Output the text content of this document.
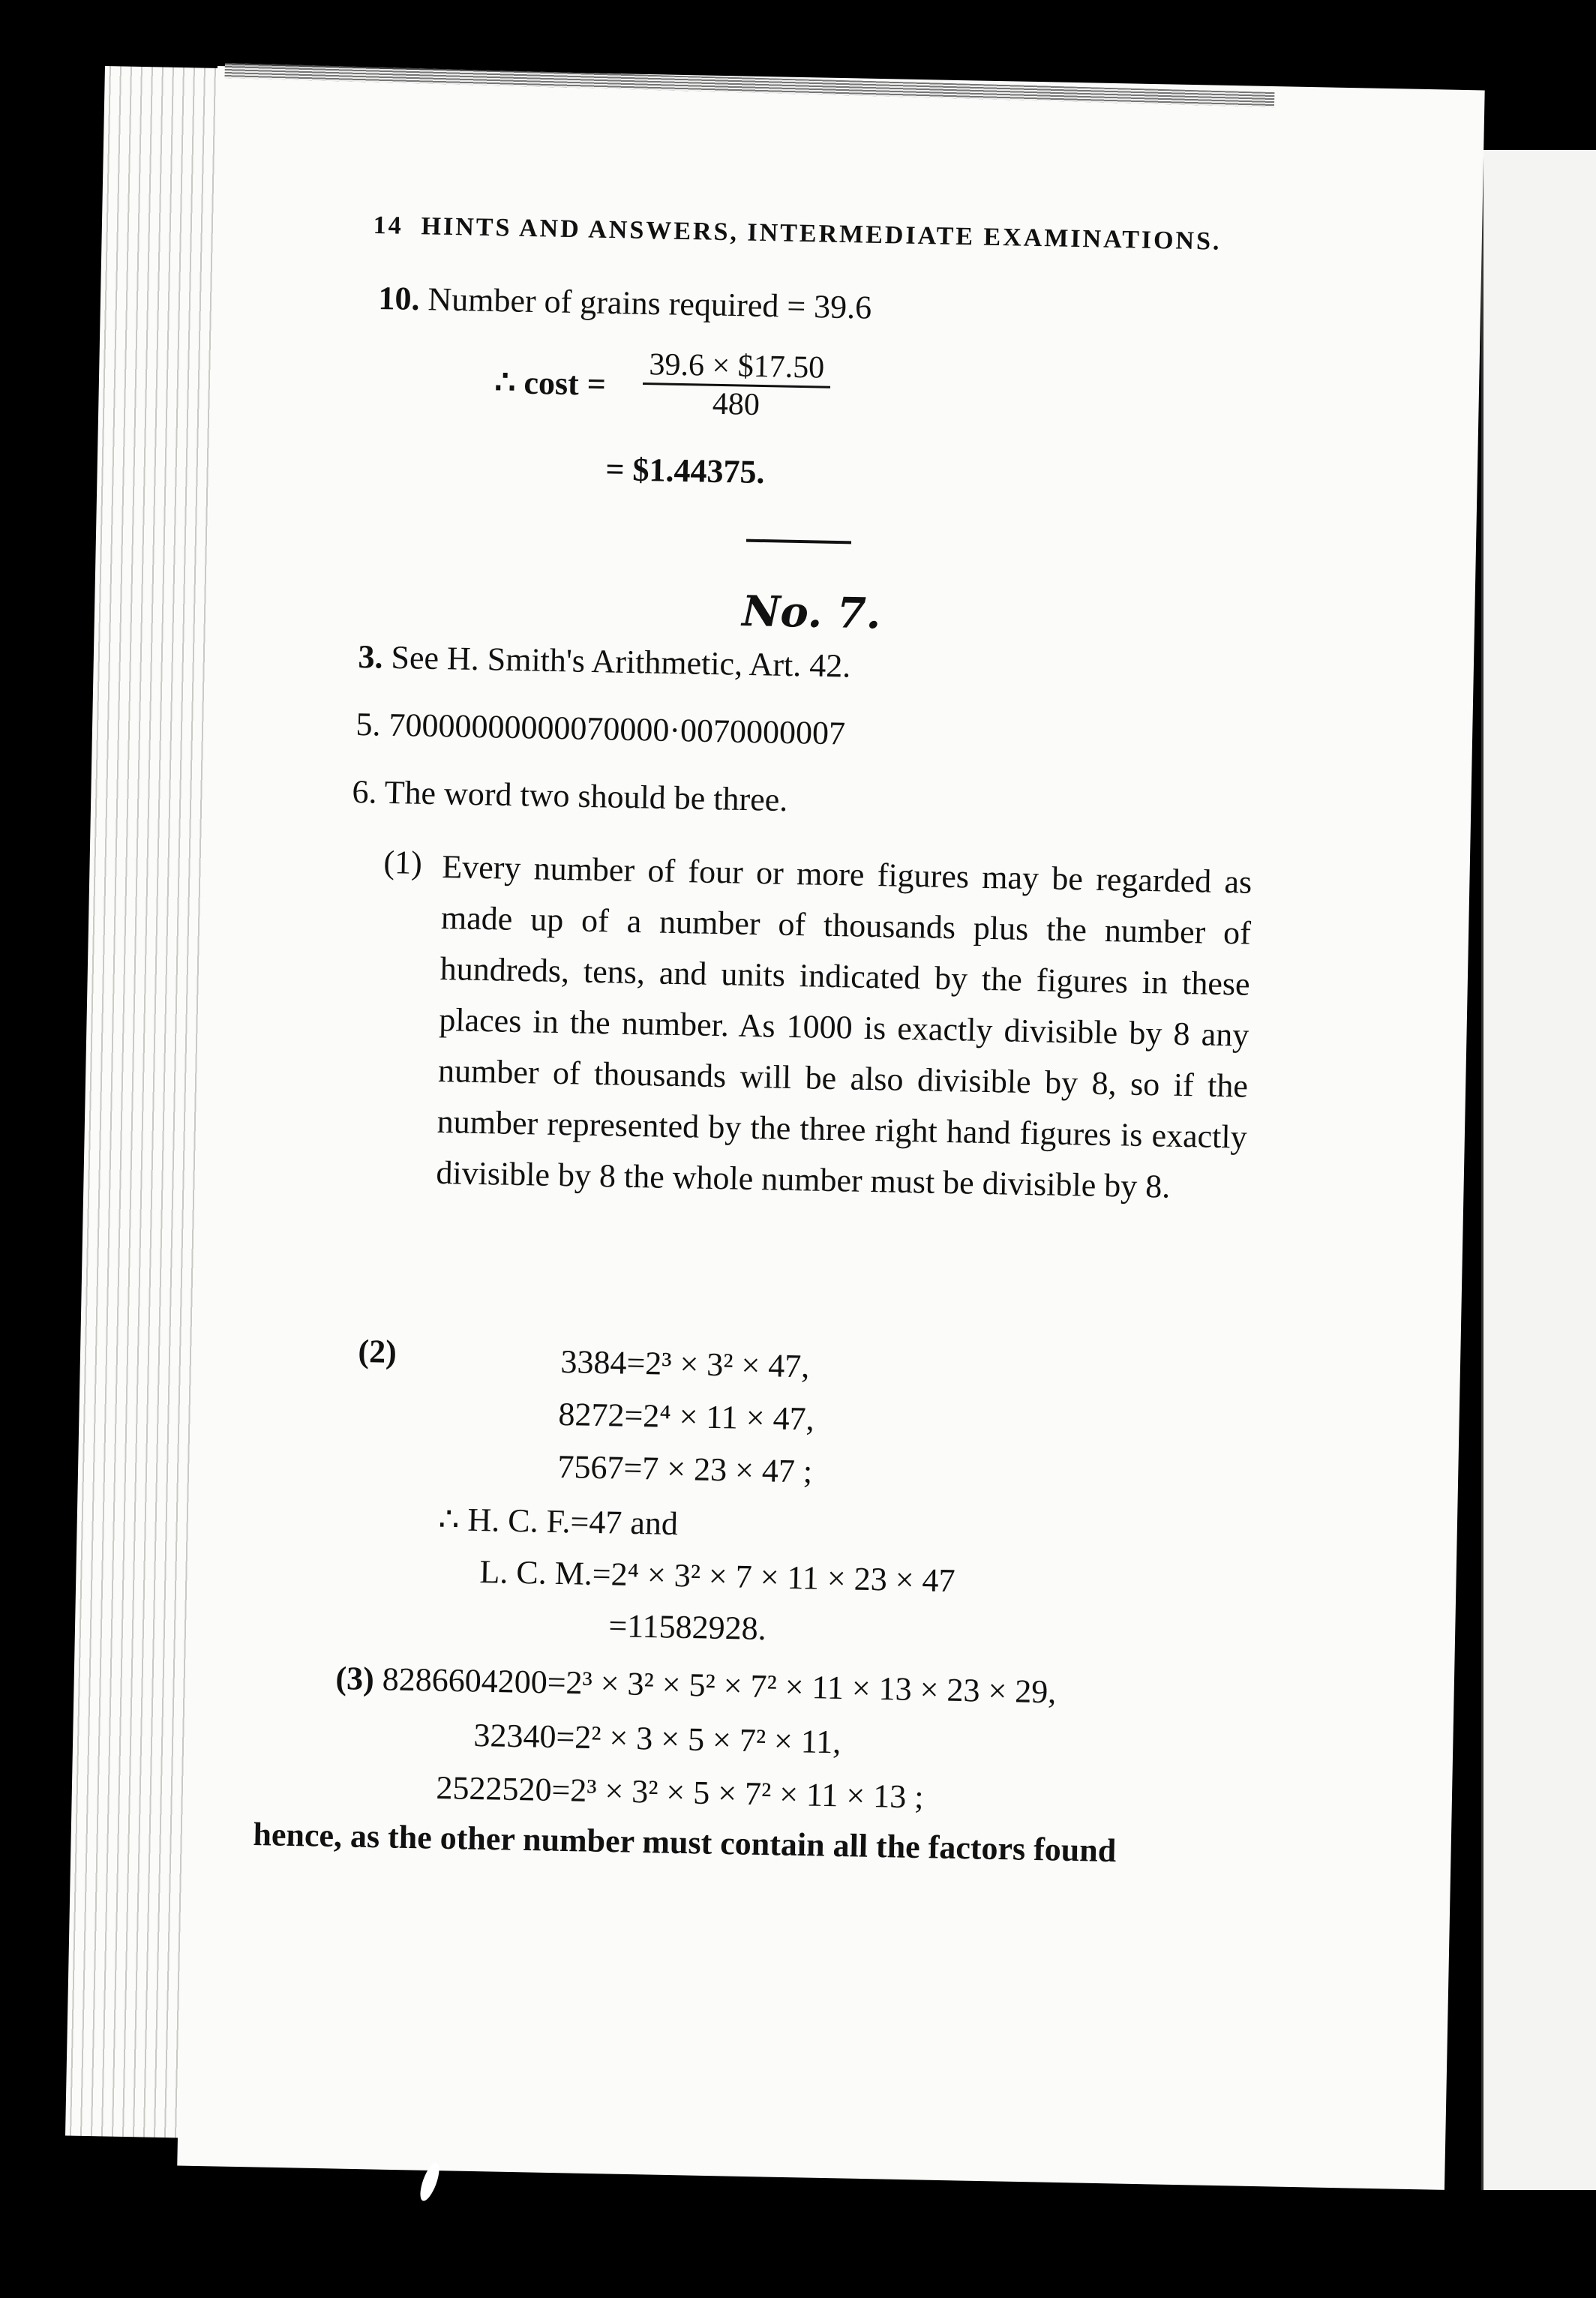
14 HINTS AND ANSWERS, INTERMEDIATE EXAMINATIONS.
10. Number of grains required = 39.6
∴ $\cos t = \frac{39.6 \times \$17.50}{480}$
= $1.44375.
No. 7.
3. See H. Smith's Arithmetic, Art. 42.
5. 70000000000070000·0070000007
6. The word two should be three.
(1) Every number of four or more figures may be regarded as made up of a number of thousands plus the number of hundreds, tens, and units indicated by the figures in these places in the number. As 1000 is exactly divisible by 8 any number of thousands will be also divisible by 8, so if the number represented by the three right hand figures is exactly divisible by 8 the whole number must be divisible by 8.
(2)	3384=2³ × 3² × 47,
8272=2⁴ × 11 × 47,
7567=7 × 23 × 47 ;
∴ H. C. F.=47 and
L. C. M.=2⁴ × 3² × 7 × 11 × 23 × 47
=11582928.
(3) 8286604200=2³ × 3² × 5² × 7² × 11 × 13 × 23 × 29,
32340=2² × 3 × 5 × 7² × 11,
2522520=2³ × 3² × 5 × 7² × 11 × 13 ;
hence, as the other number must contain all the factors found
